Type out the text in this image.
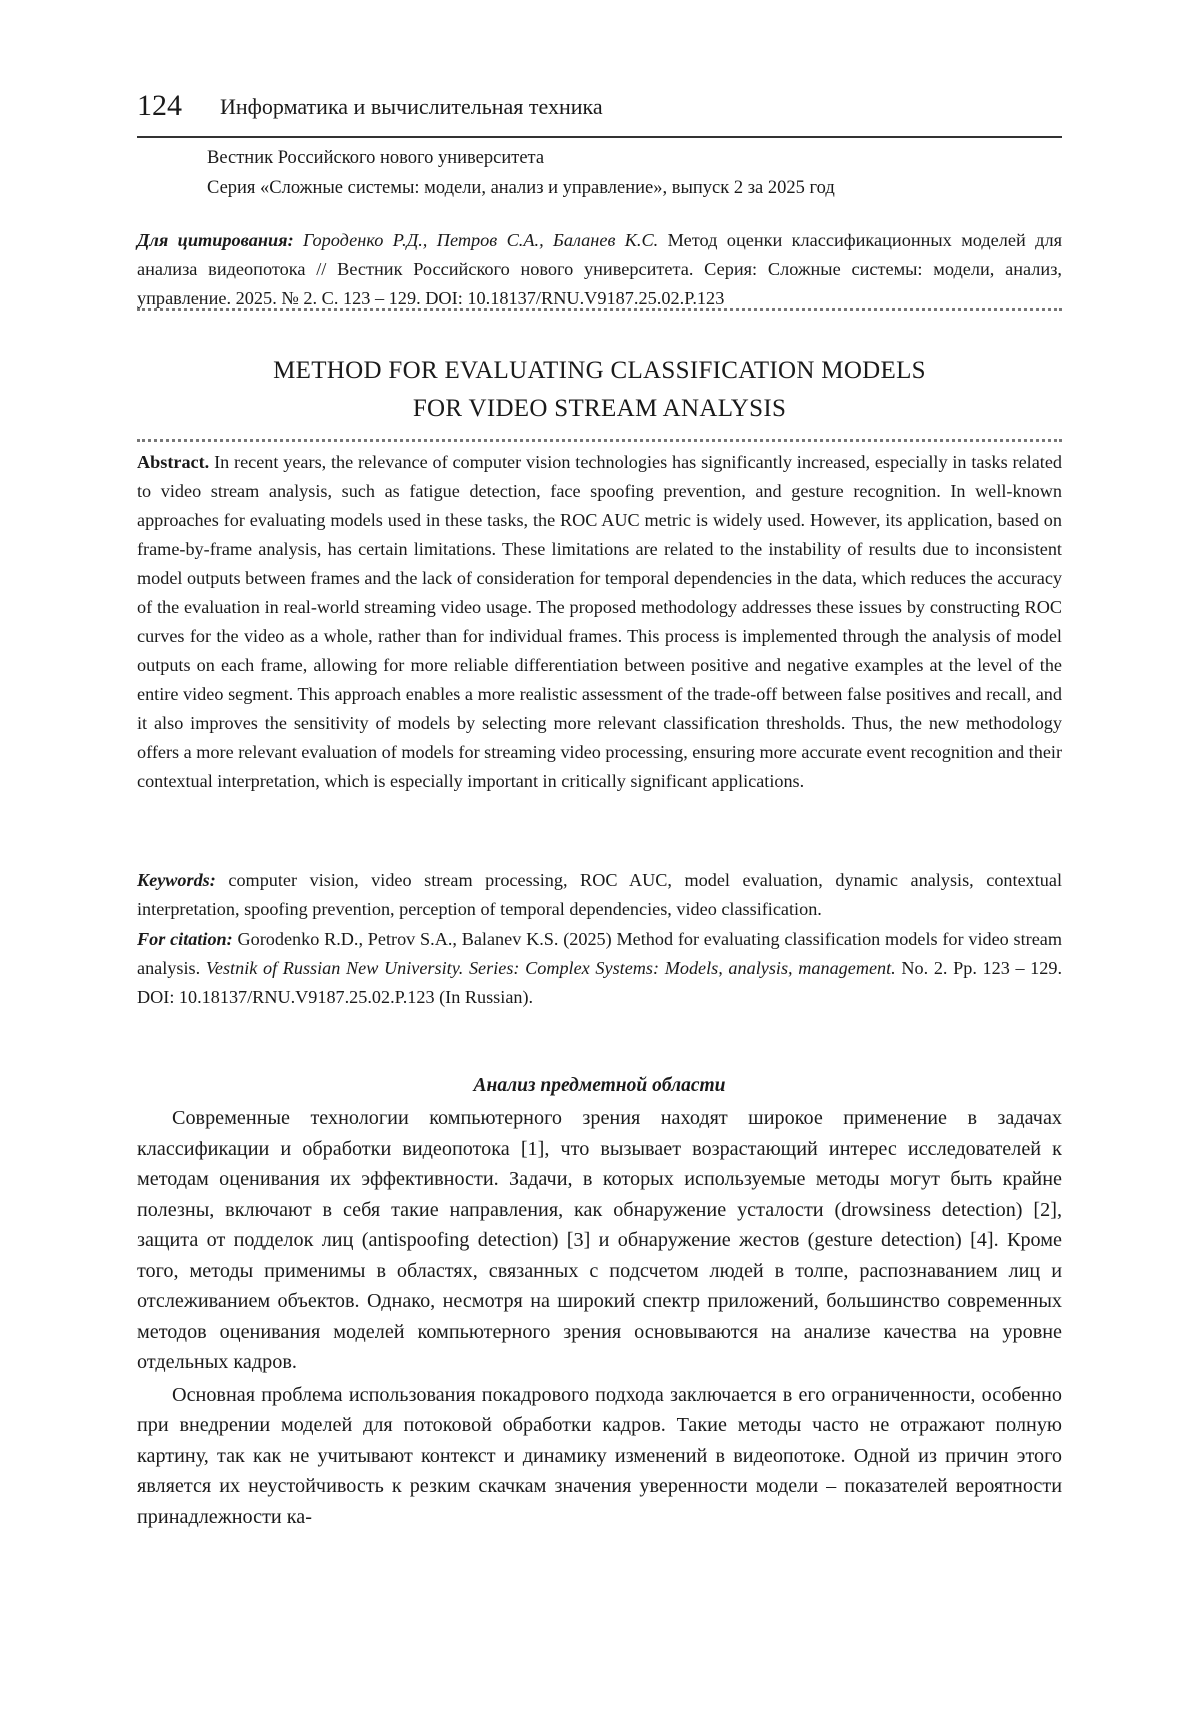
124 Информатика и вычислительная техника
Вестник Российского нового университета
Серия «Сложные системы: модели, анализ и управление», выпуск 2 за 2025 год
Для цитирования: Городенко Р.Д., Петров С.А., Баланев К.С. Метод оценки классификационных моделей для анализа видеопотока // Вестник Российского нового университета. Серия: Сложные системы: модели, анализ, управление. 2025. № 2. С. 123 – 129. DOI: 10.18137/RNU.V9187.25.02.P.123
METHOD FOR EVALUATING CLASSIFICATION MODELS
FOR VIDEO STREAM ANALYSIS
Abstract. In recent years, the relevance of computer vision technologies has significantly increased, especially in tasks related to video stream analysis, such as fatigue detection, face spoofing prevention, and gesture recognition. In well-known approaches for evaluating models used in these tasks, the ROC AUC metric is widely used. However, its application, based on frame-by-frame analysis, has certain limitations. These limitations are related to the instability of results due to inconsistent model outputs between frames and the lack of consideration for temporal dependencies in the data, which reduces the accuracy of the evaluation in real-world streaming video usage. The proposed methodology addresses these issues by constructing ROC curves for the video as a whole, rather than for individual frames. This process is implemented through the analysis of model outputs on each frame, allowing for more reliable differentiation between positive and negative examples at the level of the entire video segment. This approach enables a more realistic assessment of the trade-off between false positives and recall, and it also improves the sensitivity of models by selecting more relevant classification thresholds. Thus, the new methodology offers a more relevant evaluation of models for streaming video processing, ensuring more accurate event recognition and their contextual interpretation, which is especially important in critically significant applications.
Keywords: computer vision, video stream processing, ROC AUC, model evaluation, dynamic analysis, contextual interpretation, spoofing prevention, perception of temporal dependencies, video classification.
For citation: Gorodenko R.D., Petrov S.A., Balanev K.S. (2025) Method for evaluating classification models for video stream analysis. Vestnik of Russian New University. Series: Complex Systems: Models, analysis, management. No. 2. Pp. 123 – 129. DOI: 10.18137/RNU.V9187.25.02.P.123 (In Russian).
Анализ предметной области

Современные технологии компьютерного зрения находят широкое применение в задачах классификации и обработки видеопотока [1], что вызывает возрастающий интерес исследователей к методам оценивания их эффективности. Задачи, в которых используемые методы могут быть крайне полезны, включают в себя такие направления, как обнаружение усталости (drowsiness detection) [2], защита от подделок лиц (antispoofing detection) [3] и обнаружение жестов (gesture detection) [4]. Кроме того, методы применимы в областях, связанных с подсчетом людей в толпе, распознаванием лиц и отслеживанием объектов. Однако, несмотря на широкий спектр приложений, большинство современных методов оценивания моделей компьютерного зрения основываются на анализе качества на уровне отдельных кадров.

Основная проблема использования покадрового подхода заключается в его ограниченности, особенно при внедрении моделей для потоковой обработки кадров. Такие методы часто не отражают полную картину, так как не учитывают контекст и динамику изменений в видеопотоке. Одной из причин этого является их неустойчивость к резким скачкам значения уверенности модели – показателей вероятности принадлежности ка-
